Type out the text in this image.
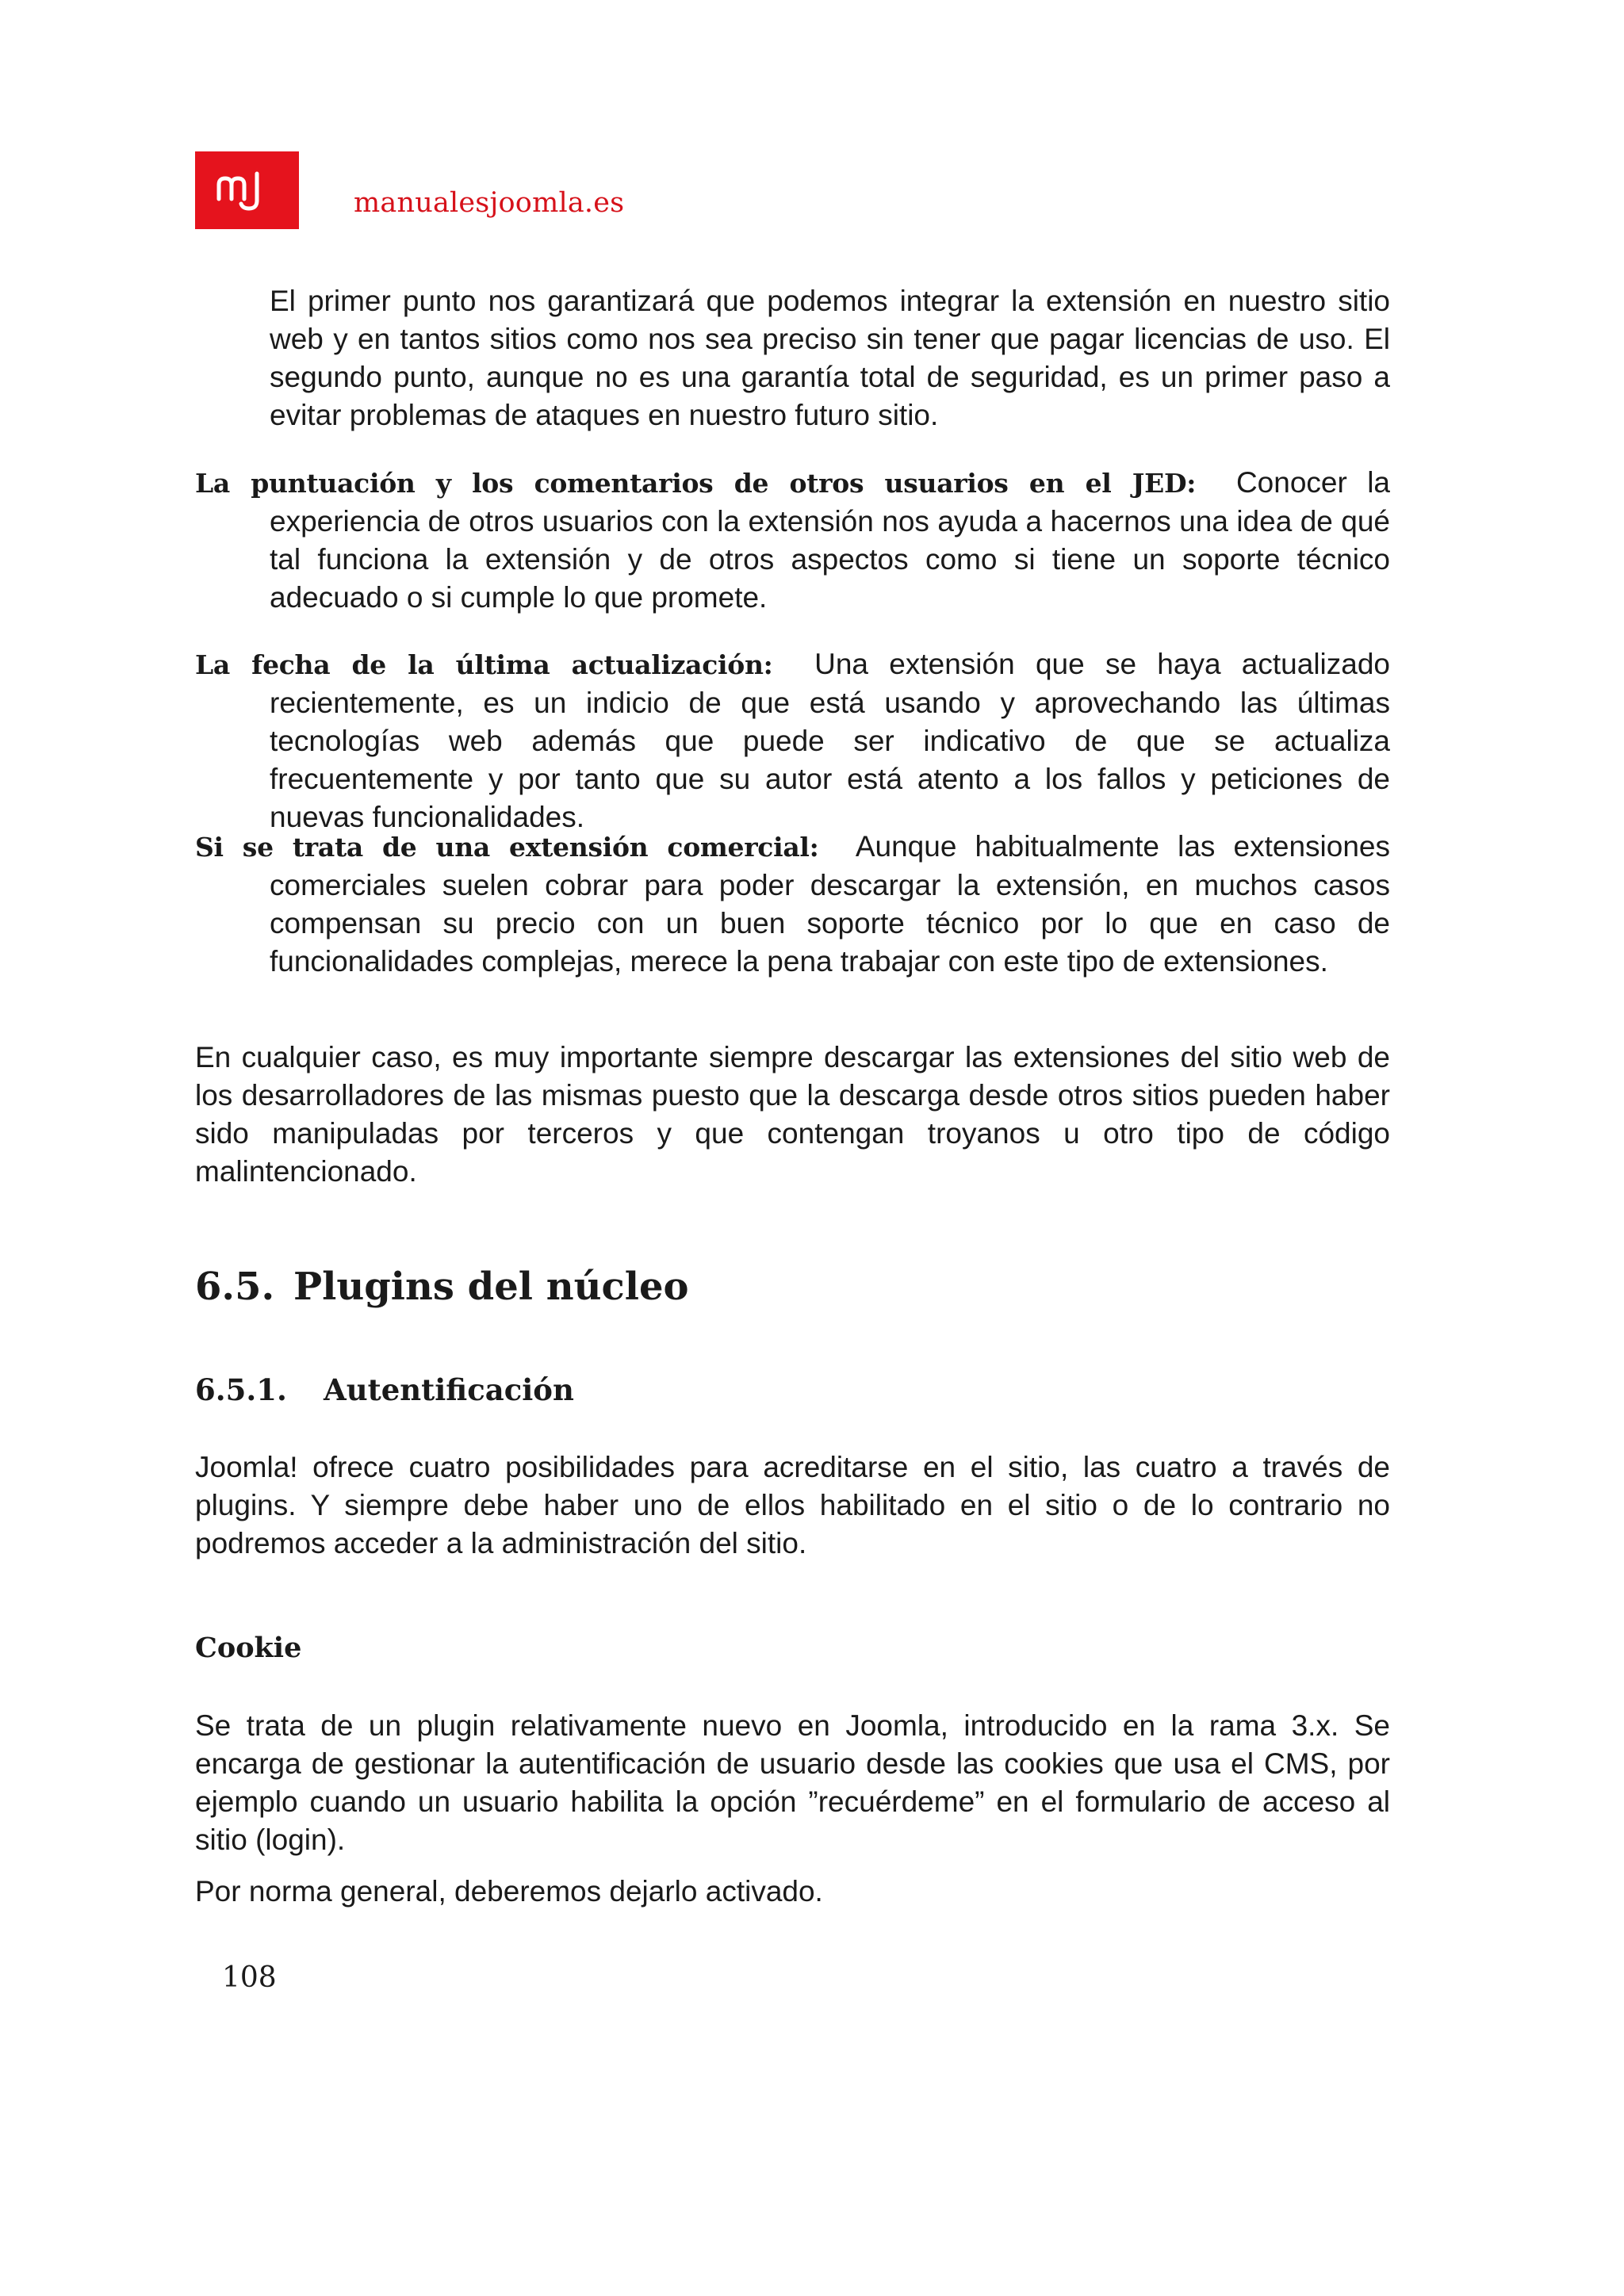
manualesjoomla.es

El primer punto nos garantizará que podemos integrar la extensión en nuestro sitio web y en tantos sitios como nos sea preciso sin tener que pagar licencias de uso. El segundo punto, aunque no es una garantía total de seguridad, es un primer paso a evitar problemas de ataques en nuestro futuro sitio.

La puntuación y los comentarios de otros usuarios en el JED: Conocer la experiencia de otros usuarios con la extensión nos ayuda a hacernos una idea de qué tal funciona la extensión y de otros aspectos como si tiene un soporte técnico adecuado o si cumple lo que promete.

La fecha de la última actualización: Una extensión que se haya actualizado recientemente, es un indicio de que está usando y aprovechando las últimas tecnologías web además que puede ser indicativo de que se actualiza frecuentemente y por tanto que su autor está atento a los fallos y peticiones de nuevas funcionalidades.

Si se trata de una extensión comercial: Aunque habitualmente las extensiones comerciales suelen cobrar para poder descargar la extensión, en muchos casos compensan su precio con un buen soporte técnico por lo que en caso de funcionalidades complejas, merece la pena trabajar con este tipo de extensiones.

En cualquier caso, es muy importante siempre descargar las extensiones del sitio web de los desarrolladores de las mismas puesto que la descarga desde otros sitios pueden haber sido manipuladas por terceros y que contengan troyanos u otro tipo de código malintencionado.

6.5. Plugins del núcleo
6.5.1. Autentificación

Joomla! ofrece cuatro posibilidades para acreditarse en el sitio, las cuatro a través de plugins. Y siempre debe haber uno de ellos habilitado en el sitio o de lo contrario no podremos acceder a la administración del sitio.

Cookie

Se trata de un plugin relativamente nuevo en Joomla, introducido en la rama 3.x. Se encarga de gestionar la autentificación de usuario desde las cookies que usa el CMS, por ejemplo cuando un usuario habilita la opción ”recuérdeme” en el formulario de acceso al sitio (login).

Por norma general, deberemos dejarlo activado.

108
